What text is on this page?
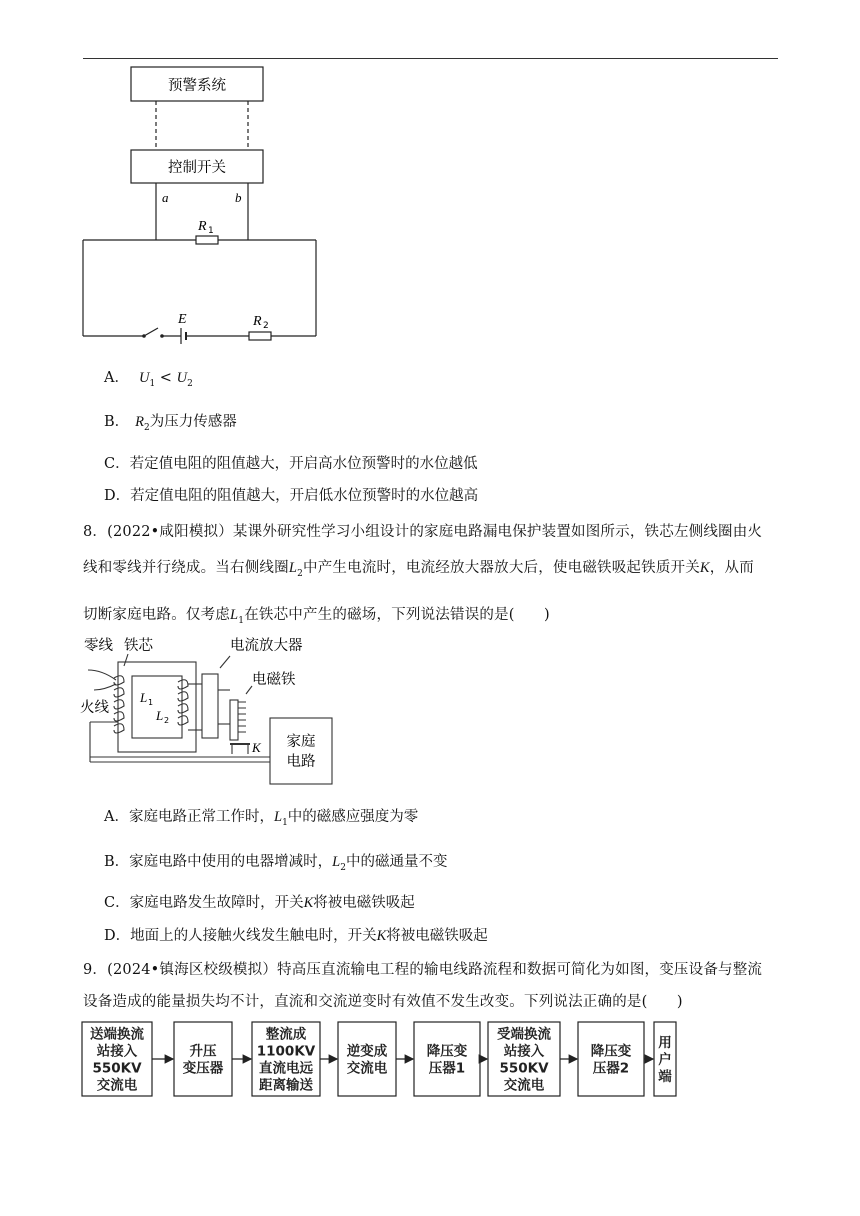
预警系统
控制开关
a	b
R 1
E	R 2
A． $U_1 < U_2$
B． $R_2$为压力传感器
C．若定值电阻的阻值越大，开启高水位预警时的水位越低
D．若定值电阻的阻值越大，开启低水位预警时的水位越高
8．(2022•咸阳模拟）某课外研究性学习小组设计的家庭电路漏电保护装置如图所示，铁芯左侧线圈由火
线和零线并行绕成。当右侧线圈$L_2$中产生电流时，电流经放大器放大后，使电磁铁吸起铁质开关K，从而
切断家庭电路。仅考虑$L_1$在铁芯中产生的磁场，下列说法错误的是(　　)
零线 铁芯
火线
电流放大器
电磁铁
家庭
电路
L 1
L 2
K
A．家庭电路正常工作时，$L_1$中的磁感应强度为零
B．家庭电路中使用的电器增减时，$L_2$中的磁通量不变
C．家庭电路发生故障时，开关K将被电磁铁吸起
D．地面上的人接触火线发生触电时，开关K将被电磁铁吸起
9．(2024•镇海区校级模拟）特高压直流输电工程的输电线路流程和数据可简化为如图，变压设备与整流
设备造成的能量损失均不计，直流和交流逆变时有效值不发生改变。下列说法正确的是(　　)
送端换流
站接入
550KV
交流电
升压
变压器
整流成
1100KV
直流电远
距离输送
逆变成
交流电
降压变
压器1
受端换流
站接入
550KV
交流电
降压变
压器2
用
户
端
